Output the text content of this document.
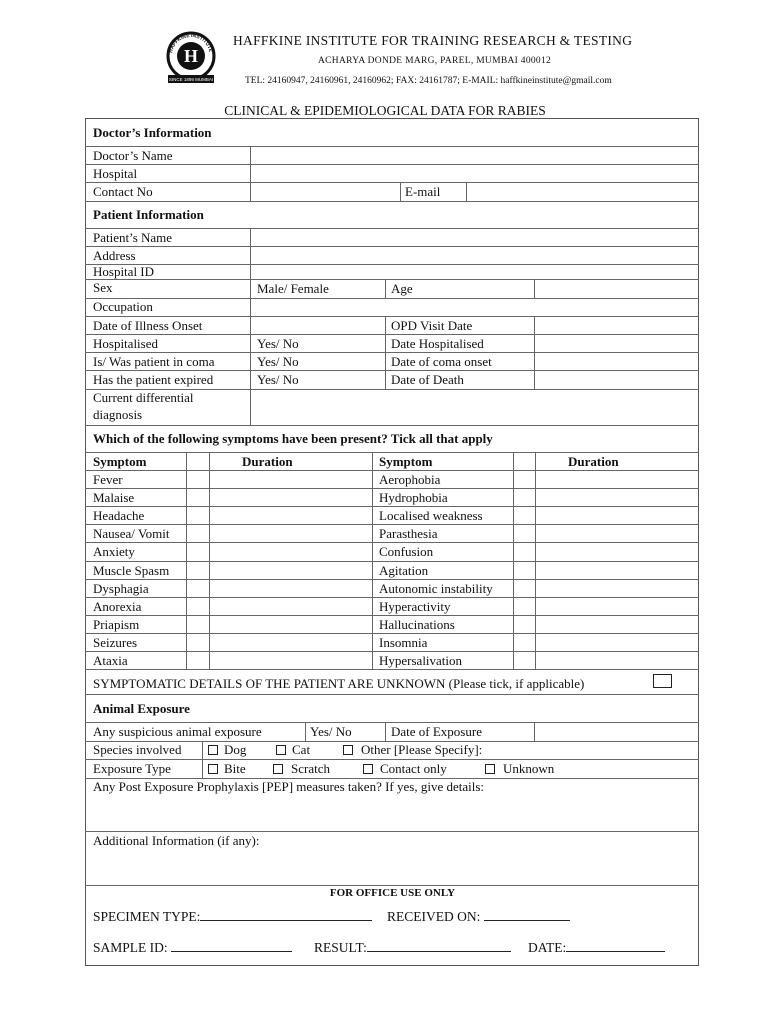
H
HAFFKINE INSTITUTE
SINCE 1899 MUMBAI
HAFFKINE INSTITUTE FOR TRAINING RESEARCH & TESTING
ACHARYA DONDE MARG, PAREL, MUMBAI 400012
TEL: 24160947, 24160961, 24160962; FAX: 24161787; E-MAIL: haffkineinstitute@gmail.com
CLINICAL & EPIDEMIOLOGICAL DATA FOR RABIES
Doctor’s Information
Doctor’s Name
Hospital
Contact No	E-mail
Patient Information
Patient’s Name
Address
Hospital ID
Sex	Male/ Female	Age
Occupation
Date of Illness Onset	OPD Visit Date
Hospitalised	Yes/ No	Date Hospitalised
Is/ Was patient in coma	Yes/ No	Date of coma onset
Has the patient expired	Yes/ No	Date of Death
Current differential
diagnosis
Which of the following symptoms have been present? Tick all that apply
Symptom	Duration	Symptom	Duration
Fever	Aerophobia
Malaise	Hydrophobia
Headache	Localised weakness
Nausea/ Vomit	Parasthesia
Anxiety	Confusion
Muscle Spasm	Agitation
Dysphagia	Autonomic instability
Anorexia	Hyperactivity
Priapism	Hallucinations
Seizures	Insomnia
Ataxia	Hypersalivation
SYMPTOMATIC DETAILS OF THE PATIENT ARE UNKNOWN (Please tick, if applicable)
Animal Exposure
Any suspicious animal exposure	Yes/ No	Date of Exposure
Species involved	Dog	Cat	Other [Please Specify]:
Exposure Type	Bite	Scratch	Contact only	Unknown
Any Post Exposure Prophylaxis [PEP] measures taken? If yes, give details:
Additional Information (if any):
FOR OFFICE USE ONLY
SPECIMEN TYPE:	RECEIVED ON:
SAMPLE ID:	RESULT:	DATE:
